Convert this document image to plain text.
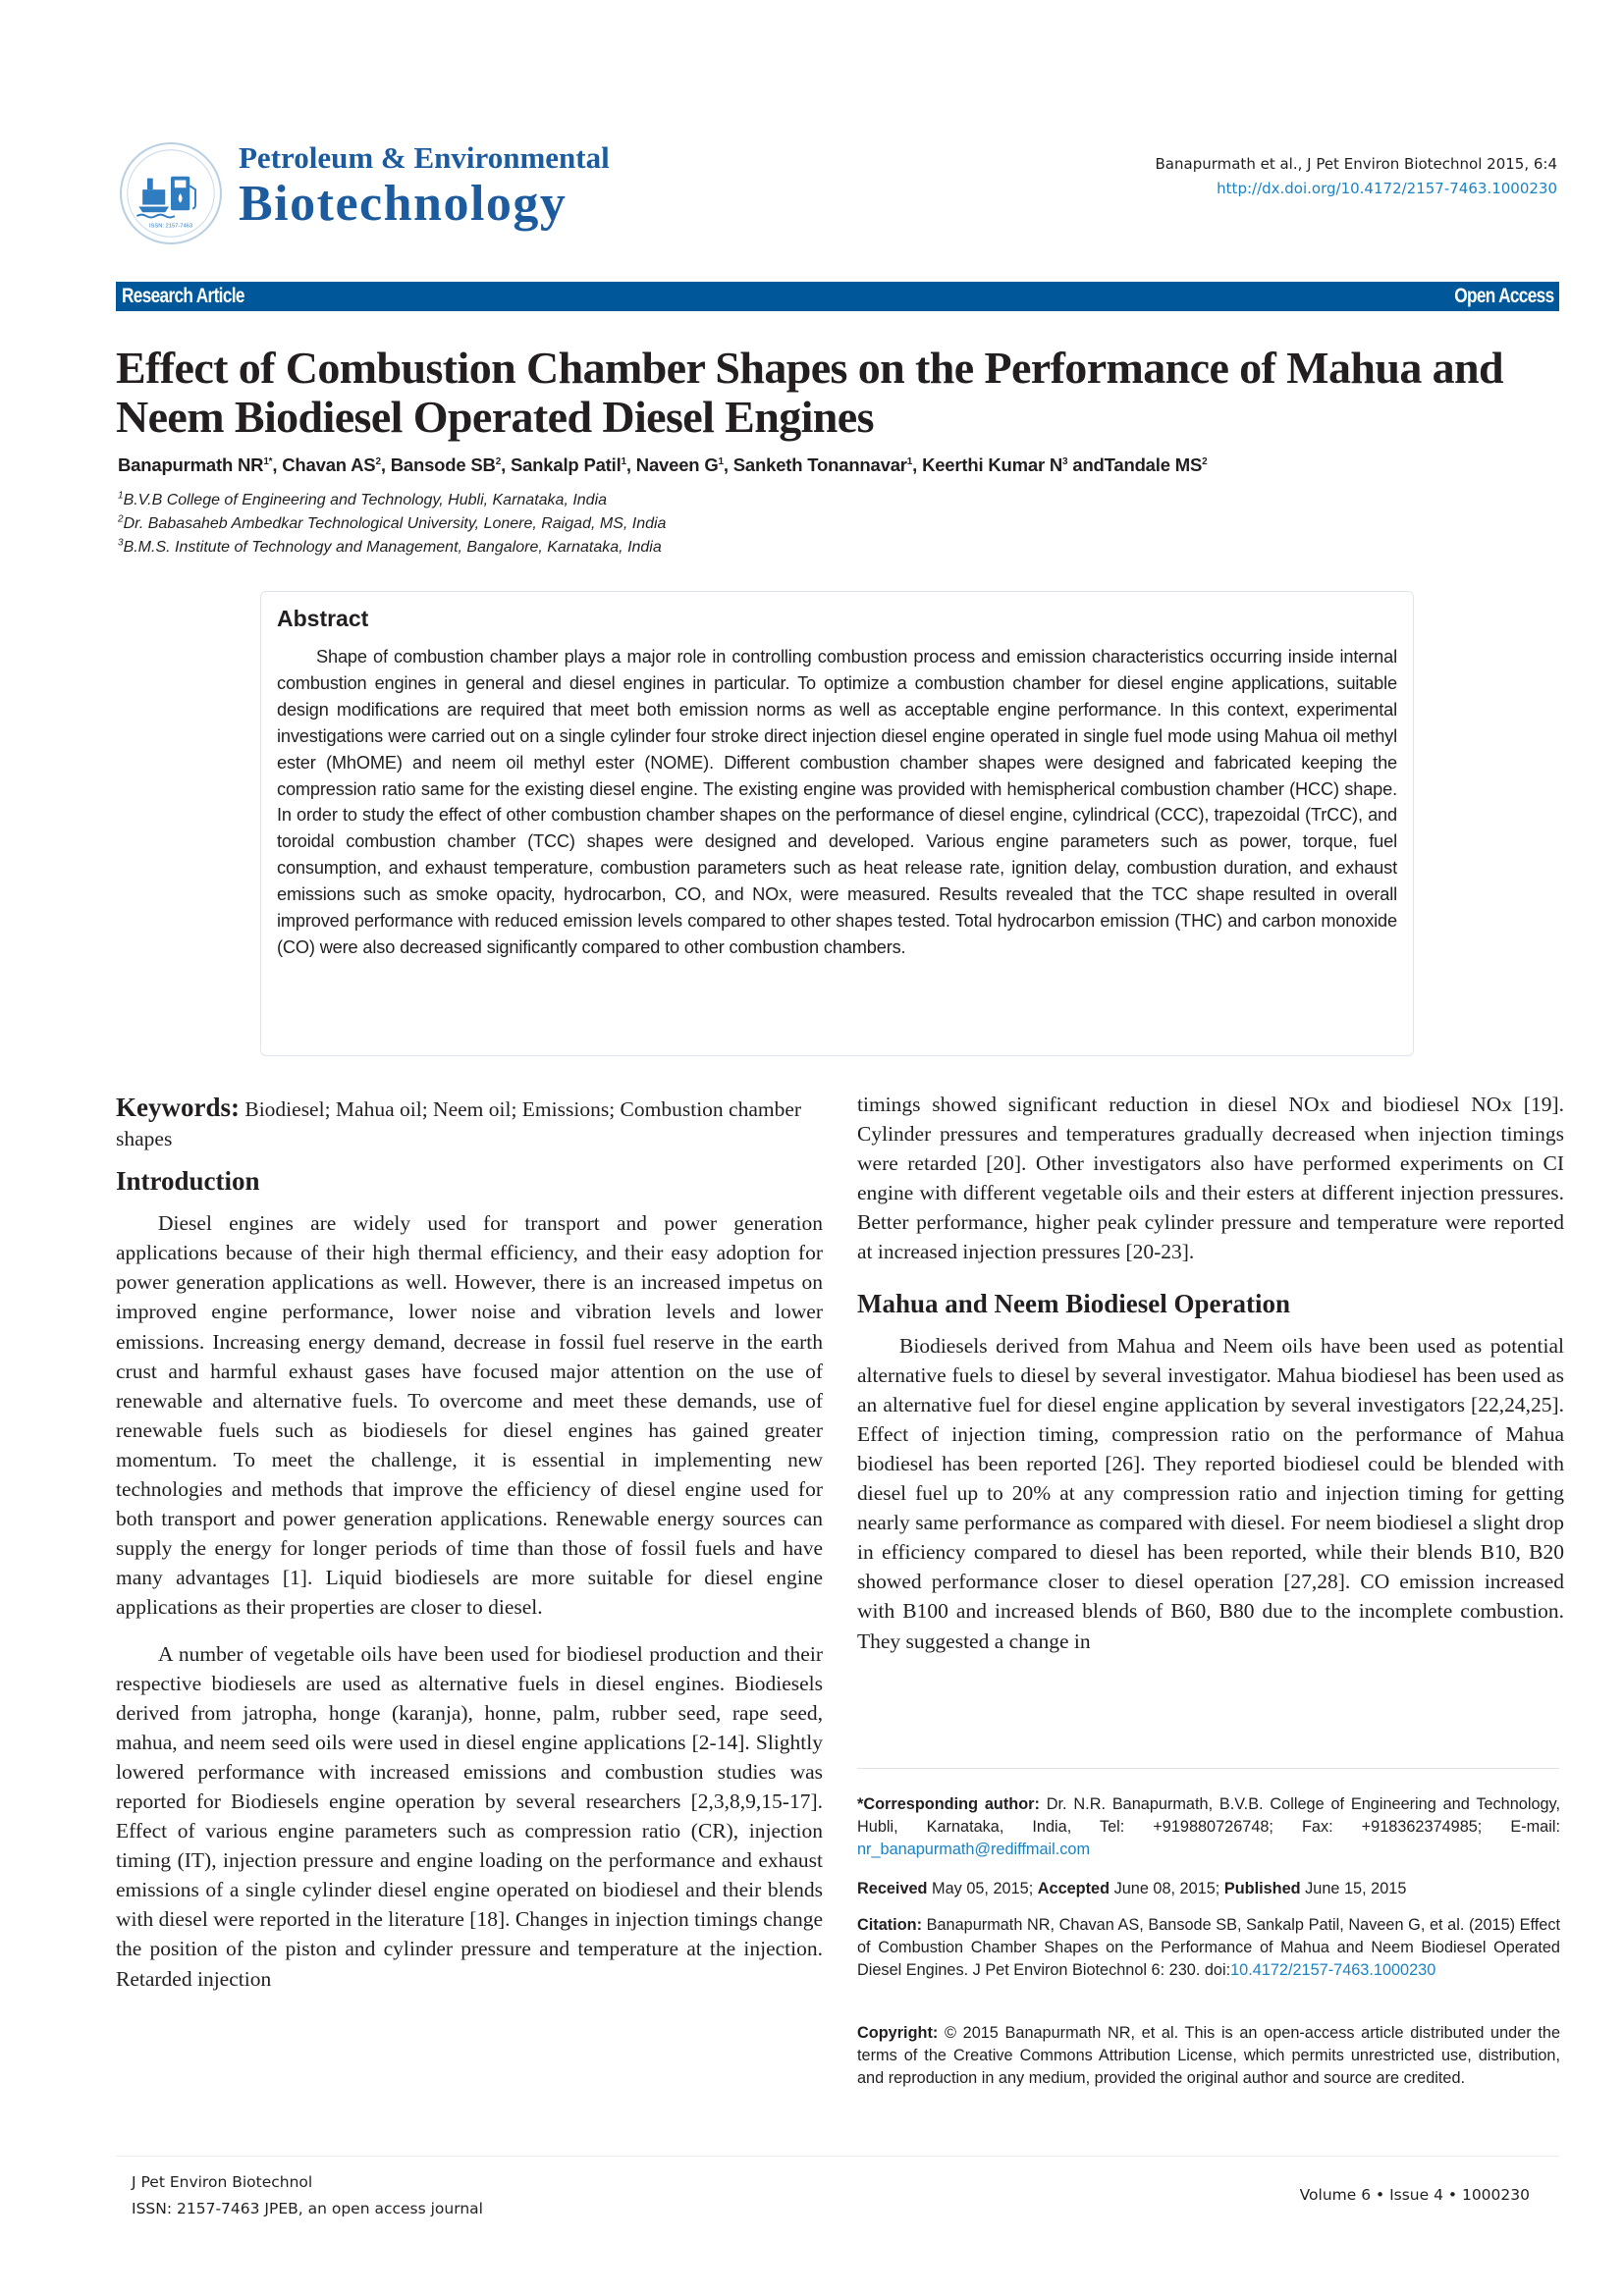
ISSN: 2157-7463
Petroleum & Environmental
Biotechnology
Banapurmath et al., J Pet Environ Biotechnol 2015, 6:4
http://dx.doi.org/10.4172/2157-7463.1000230
Research Article	Open Access
Effect of Combustion Chamber Shapes on the Performance of Mahua and
Neem Biodiesel Operated Diesel Engines
Banapurmath $NR^{1*}$, Chavan $AS^2$, Bansode $SB^2$, Sankalp Patil$^1$, Naveen $G^1$, Sanketh Tonannavar$^1$, Keerthi Kumar $N^3$ andTandale $MS^2$
$^1$B.V.B College of Engineering and Technology, Hubli, Karnataka, India
$^2$Dr. Babasaheb Ambedkar Technological University, Lonere, Raigad, MS, India
$^3$B.M.S. Institute of Technology and Management, Bangalore, Karnataka, India
Abstract

Shape of combustion chamber plays a major role in controlling combustion process and emission characteristics occurring inside internal combustion engines in general and diesel engines in particular. To optimize a combustion chamber for diesel engine applications, suitable design modifications are required that meet both emission norms as well as acceptable engine performance. In this context, experimental investigations were carried out on a single cylinder four stroke direct injection diesel engine operated in single fuel mode using Mahua oil methyl ester (MhOME) and neem oil methyl ester (NOME). Different combustion chamber shapes were designed and fabricated keeping the compression ratio same for the existing diesel engine. The existing engine was provided with hemispherical combustion chamber (HCC) shape. In order to study the effect of other combustion chamber shapes on the performance of diesel engine, cylindrical (CCC), trapezoidal (TrCC), and toroidal combustion chamber (TCC) shapes were designed and developed. Various engine parameters such as power, torque, fuel consumption, and exhaust temperature, combustion parameters such as heat release rate, ignition delay, combustion duration, and exhaust emissions such as smoke opacity, hydrocarbon, CO, and NOx, were measured. Results revealed that the TCC shape resulted in overall improved performance with reduced emission levels compared to other shapes tested. Total hydrocarbon emission (THC) and carbon monoxide (CO) were also decreased significantly compared to other combustion chambers.

Keywords: Biodiesel; Mahua oil; Neem oil; Emissions; Combustion chamber shapes

Introduction

Diesel engines are widely used for transport and power generation applications because of their high thermal efficiency, and their easy adoption for power generation applications as well. However, there is an increased impetus on improved engine performance, lower noise and vibration levels and lower emissions. Increasing energy demand, decrease in fossil fuel reserve in the earth crust and harmful exhaust gases have focused major attention on the use of renewable and alternative fuels. To overcome and meet these demands, use of renewable fuels such as biodiesels for diesel engines has gained greater momentum. To meet the challenge, it is essential in implementing new technologies and methods that improve the efficiency of diesel engine used for both transport and power generation applications. Renewable energy sources can supply the energy for longer periods of time than those of fossil fuels and have many advantages [1]. Liquid biodiesels are more suitable for diesel engine applications as their properties are closer to diesel.

A number of vegetable oils have been used for biodiesel production and their respective biodiesels are used as alternative fuels in diesel engines. Biodiesels derived from jatropha, honge (karanja), honne, palm, rubber seed, rape seed, mahua, and neem seed oils were used in diesel engine applications [2-14]. Slightly lowered performance with increased emissions and combustion studies was reported for Biodiesels engine operation by several researchers [2,3,8,9,15-17]. Effect of various engine parameters such as compression ratio (CR), injection timing (IT), injection pressure and engine loading on the performance and exhaust emissions of a single cylinder diesel engine operated on biodiesel and their blends with diesel were reported in the literature [18]. Changes in injection timings change the position of the piston and cylinder pressure and temperature at the injection. Retarded injection

timings showed significant reduction in diesel NOx and biodiesel NOx [19]. Cylinder pressures and temperatures gradually decreased when injection timings were retarded [20]. Other investigators also have performed experiments on CI engine with different vegetable oils and their esters at different injection pressures. Better performance, higher peak cylinder pressure and temperature were reported at increased injection pressures [20-23].

Mahua and Neem Biodiesel Operation

Biodiesels derived from Mahua and Neem oils have been used as potential alternative fuels to diesel by several investigator. Mahua biodiesel has been used as an alternative fuel for diesel engine application by several investigators [22,24,25]. Effect of injection timing, compression ratio on the performance of Mahua biodiesel has been reported [26]. They reported biodiesel could be blended with diesel fuel up to 20% at any compression ratio and injection timing for getting nearly same performance as compared with diesel. For neem biodiesel a slight drop in efficiency compared to diesel has been reported, while their blends B10, B20 showed performance closer to diesel operation [27,28]. CO emission increased with B100 and increased blends of B60, B80 due to the incomplete combustion. They suggested a change in

*Corresponding author: Dr. N.R. Banapurmath, B.V.B. College of Engineering and Technology, Hubli, Karnataka, India, Tel: +919880726748; Fax: +918362374985; E-mail: nr_banapurmath@rediffmail.com
Received May 05, 2015; Accepted June 08, 2015; Published June 15, 2015
Citation: Banapurmath NR, Chavan AS, Bansode SB, Sankalp Patil, Naveen G, et al. (2015) Effect of Combustion Chamber Shapes on the Performance of Mahua and Neem Biodiesel Operated Diesel Engines. J Pet Environ Biotechnol 6: 230. doi:10.4172/2157-7463.1000230
Copyright: © 2015 Banapurmath NR, et al. This is an open-access article distributed under the terms of the Creative Commons Attribution License, which permits unrestricted use, distribution, and reproduction in any medium, provided the original author and source are credited.
J Pet Environ Biotechnol
ISSN: 2157-7463 JPEB, an open access journal
Volume 6 • Issue 4 • 1000230
